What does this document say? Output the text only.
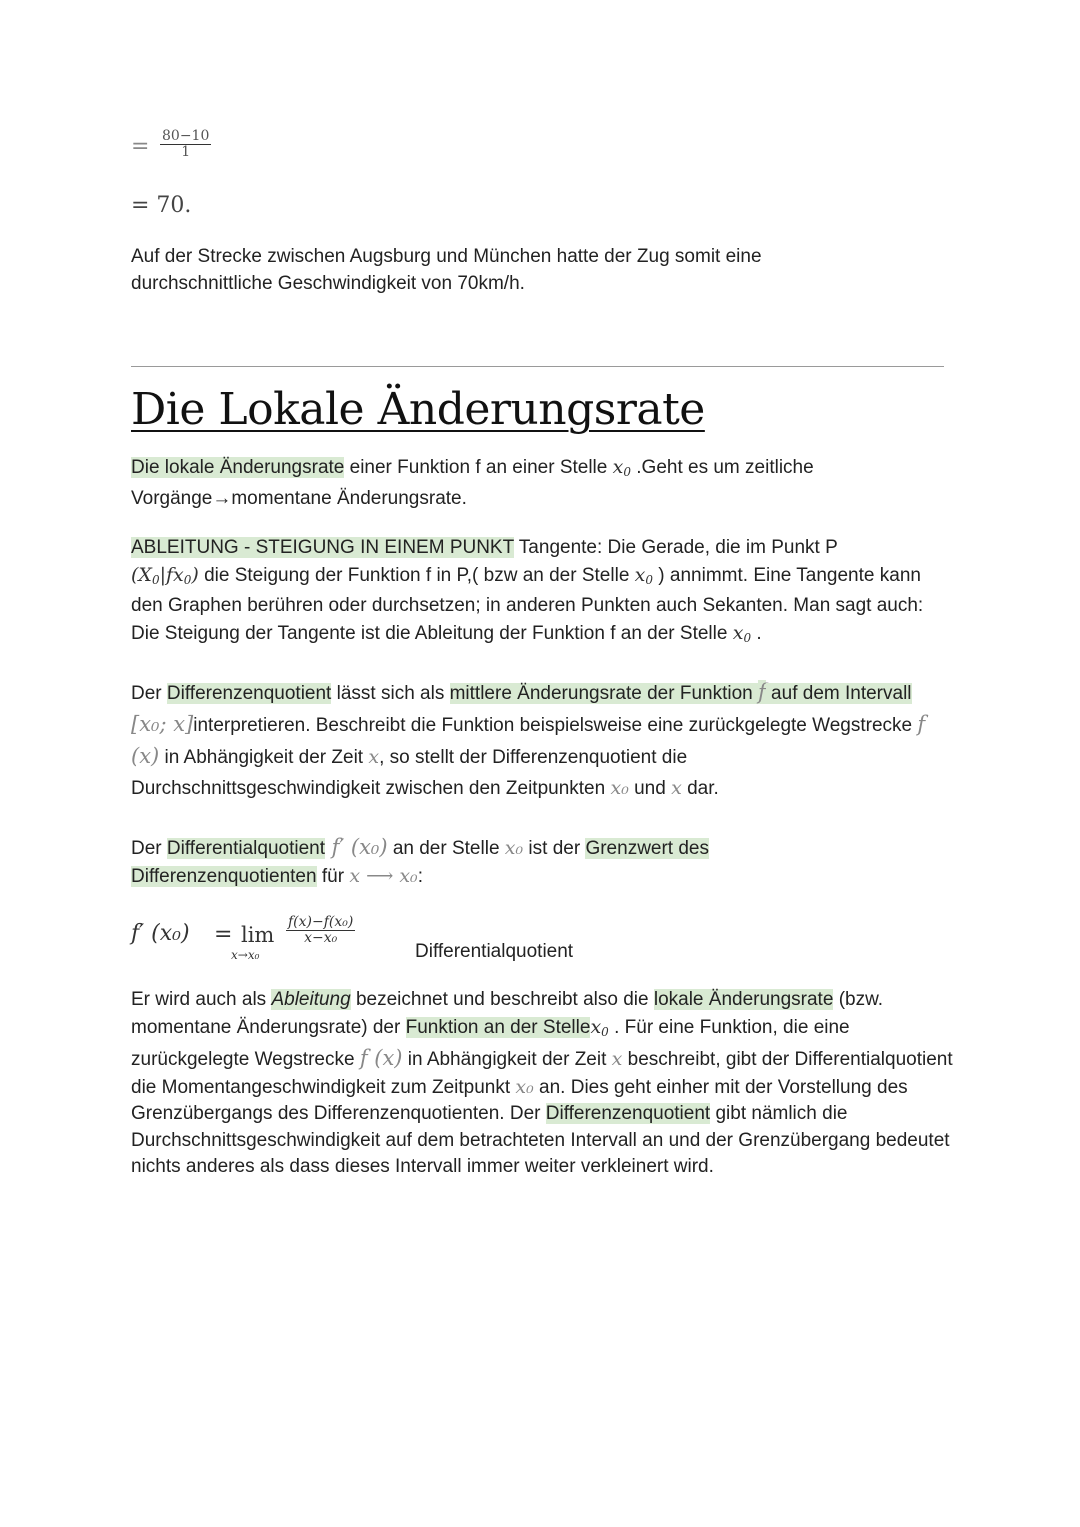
= $\frac{80-10}{1}$
= 70.

Auf der Strecke zwischen Augsburg und München hatte der Zug somit eine durchschnittliche Geschwindigkeit von 70km/h.

Die Lokale Änderungsrate

Die lokale Änderungsrate einer Funktion f an einer Stelle $x_0$ .Geht es um zeitliche Vorgänge→momentane Änderungsrate.

ABLEITUNG - STEIGUNG IN EINEM PUNKT Tangente: Die Gerade, die im Punkt P
$(X_0|fx_0)$ die Steigung der Funktion f in P,( bzw an der Stelle $x_0$ ) annimmt. Eine Tangente kann den Graphen berühren oder durchsetzen; in anderen Punkten auch Sekanten. Man sagt auch: Die Steigung der Tangente ist die Ableitung der Funktion f an der Stelle $x_0$ .

Der Differenzenquotient lässt sich als mittlere Änderungsrate der Funktion f auf dem Intervall [x₀; x]interpretieren. Beschreibt die Funktion beispielsweise eine zurückgelegte Wegstrecke f (x) in Abhängigkeit der Zeit x, so stellt der Differenzenquotient die Durchschnittsgeschwindigkeit zwischen den Zeitpunkten x₀ und x dar.

Der Differentialquotient f′ (x₀) an der Stelle x₀ ist der Grenzwert des Differenzenquotienten für x ⟶ x₀:

f′ (x₀) = lim
x→x₀
$\frac{\text{f(x)−f(x₀)}}{\text{x−x₀}}$
Differentialquotient

Er wird auch als Ableitung bezeichnet und beschreibt also die lokale Änderungsrate (bzw. momentane Änderungsrate) der Funktion an der Stellex$_0$ . Für eine Funktion, die eine zurückgelegte Wegstrecke f (x) in Abhängigkeit der Zeit x beschreibt, gibt der Differentialquotient die Momentangeschwindigkeit zum Zeitpunkt x₀ an. Dies geht einher mit der Vorstellung des Grenzübergangs des Differenzenquotienten. Der Differenzenquotient gibt nämlich die Durchschnittsgeschwindigkeit auf dem betrachteten Intervall an und der Grenzübergang bedeutet nichts anderes als dass dieses Intervall immer weiter verkleinert wird.
